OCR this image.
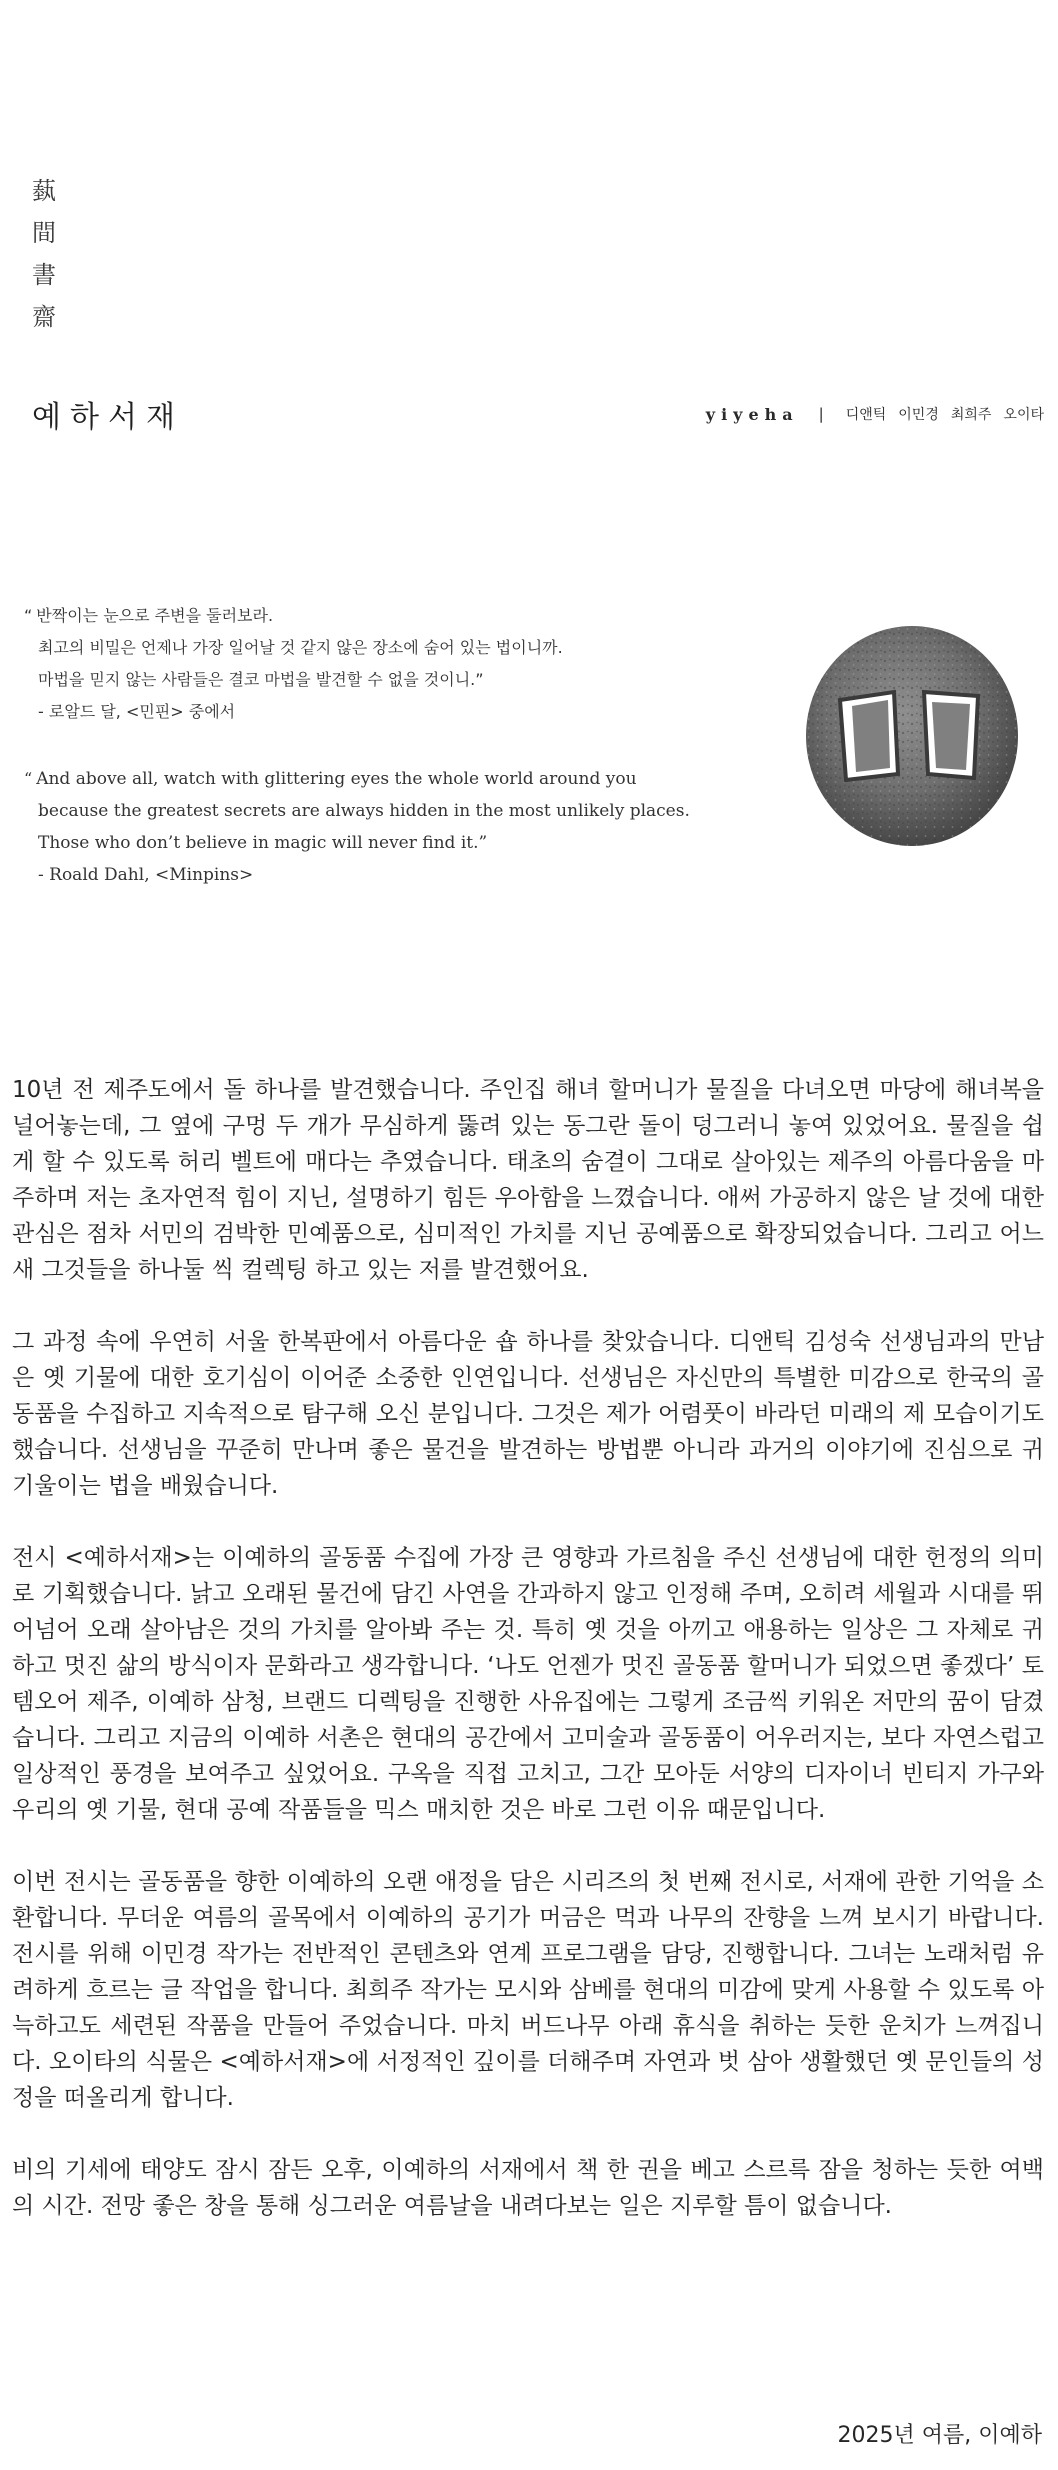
蓺
間
書
齋
예하서재	yiyeha | 디앤틱 이민경 최희주 오이타
“ 반짝이는 눈으로 주변을 둘러보라.
최고의 비밀은 언제나 가장 일어날 것 같지 않은 장소에 숨어 있는 법이니까.
마법을 믿지 않는 사람들은 결코 마법을 발견할 수 없을 것이니.”
- 로알드 달, <민핀> 중에서
“ And above all, watch with glittering eyes the whole world around you
because the greatest secrets are always hidden in the most unlikely places.
Those who don’t believe in magic will never find it.”
- Roald Dahl, <Minpins>

10년 전 제주도에서 돌 하나를 발견했습니다. 주인집 해녀 할머니가 물질을 다녀오면 마당에 해녀복을 널어놓는데, 그 옆에 구멍 두 개가 무심하게 뚫려 있는 동그란 돌이 덩그러니 놓여 있었어요. 물질을 쉽게 할 수 있도록 허리 벨트에 매다는 추였습니다. 태초의 숨결이 그대로 살아있는 제주의 아름다움을 마주하며 저는 초자연적 힘이 지닌, 설명하기 힘든 우아함을 느꼈습니다. 애써 가공하지 않은 날 것에 대한 관심은 점차 서민의 검박한 민예품으로, 심미적인 가치를 지닌 공예품으로 확장되었습니다. 그리고 어느새 그것들을 하나둘 씩 컬렉팅 하고 있는 저를 발견했어요.

그 과정 속에 우연히 서울 한복판에서 아름다운 숍 하나를 찾았습니다. 디앤틱 김성숙 선생님과의 만남은 옛 기물에 대한 호기심이 이어준 소중한 인연입니다. 선생님은 자신만의 특별한 미감으로 한국의 골동품을 수집하고 지속적으로 탐구해 오신 분입니다. 그것은 제가 어렴풋이 바라던 미래의 제 모습이기도 했습니다. 선생님을 꾸준히 만나며 좋은 물건을 발견하는 방법뿐 아니라 과거의 이야기에 진심으로 귀 기울이는 법을 배웠습니다.

전시 <예하서재>는 이예하의 골동품 수집에 가장 큰 영향과 가르침을 주신 선생님에 대한 헌정의 의미로 기획했습니다. 낡고 오래된 물건에 담긴 사연을 간과하지 않고 인정해 주며, 오히려 세월과 시대를 뛰어넘어 오래 살아남은 것의 가치를 알아봐 주는 것. 특히 옛 것을 아끼고 애용하는 일상은 그 자체로 귀하고 멋진 삶의 방식이자 문화라고 생각합니다. ‘나도 언젠가 멋진 골동품 할머니가 되었으면 좋겠다’ 토템오어 제주, 이예하 삼청, 브랜드 디렉팅을 진행한 사유집에는 그렇게 조금씩 키워온 저만의 꿈이 담겼습니다. 그리고 지금의 이예하 서촌은 현대의 공간에서 고미술과 골동품이 어우러지는, 보다 자연스럽고 일상적인 풍경을 보여주고 싶었어요. 구옥을 직접 고치고, 그간 모아둔 서양의 디자이너 빈티지 가구와 우리의 옛 기물, 현대 공예 작품들을 믹스 매치한 것은 바로 그런 이유 때문입니다.

이번 전시는 골동품을 향한 이예하의 오랜 애정을 담은 시리즈의 첫 번째 전시로, 서재에 관한 기억을 소환합니다. 무더운 여름의 골목에서 이예하의 공기가 머금은 먹과 나무의 잔향을 느껴 보시기 바랍니다. 전시를 위해 이민경 작가는 전반적인 콘텐츠와 연계 프로그램을 담당, 진행합니다. 그녀는 노래처럼 유려하게 흐르는 글 작업을 합니다. 최희주 작가는 모시와 삼베를 현대의 미감에 맞게 사용할 수 있도록 아늑하고도 세련된 작품을 만들어 주었습니다. 마치 버드나무 아래 휴식을 취하는 듯한 운치가 느껴집니다. 오이타의 식물은 <예하서재>에 서정적인 깊이를 더해주며 자연과 벗 삼아 생활했던 옛 문인들의 성정을 떠올리게 합니다.

비의 기세에 태양도 잠시 잠든 오후, 이예하의 서재에서 책 한 권을 베고 스르륵 잠을 청하는 듯한 여백의 시간. 전망 좋은 창을 통해 싱그러운 여름날을 내려다보는 일은 지루할 틈이 없습니다.

2025년 여름, 이예하
